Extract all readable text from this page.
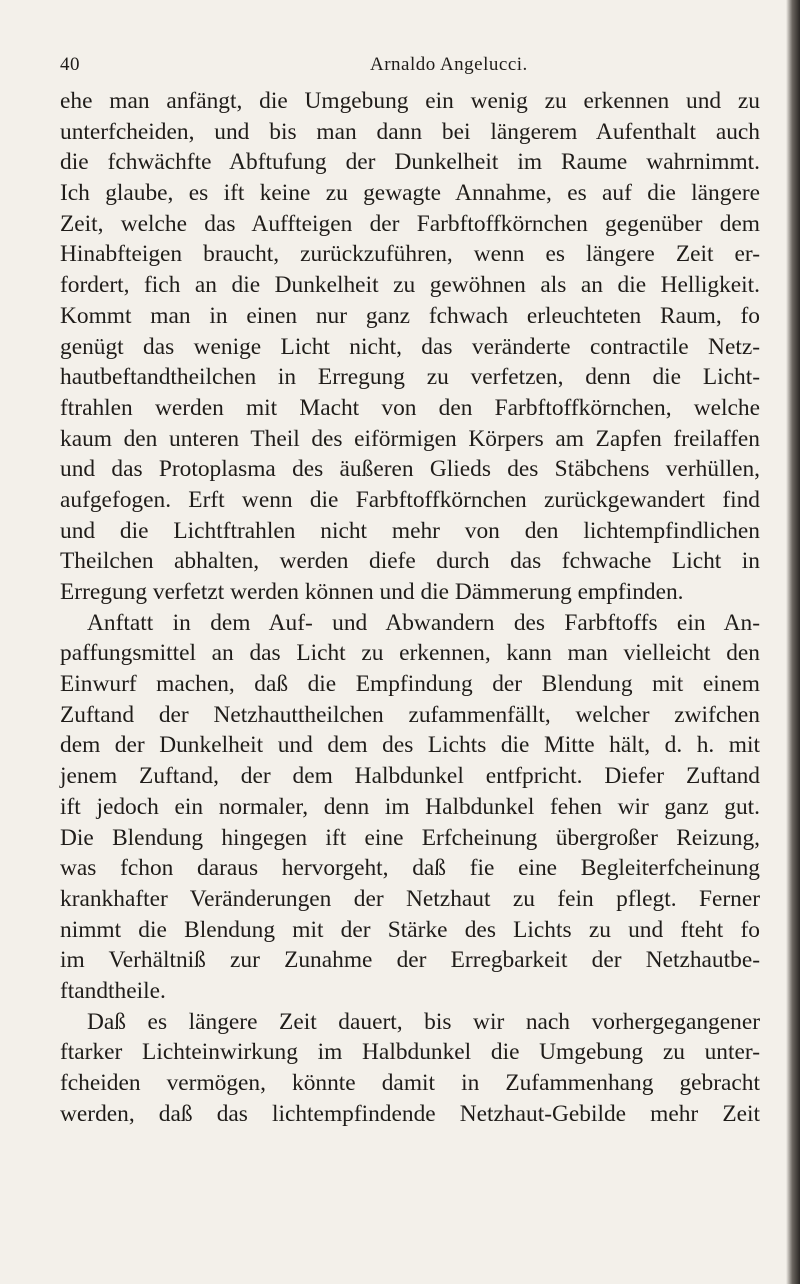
40	Arnaldo Angelucci.
ehe man anfängt, die Umgebung ein wenig zu erkennen und zu
unterfcheiden, und bis man dann bei längerem Aufenthalt auch
die fchwächfte Abftufung der Dunkelheit im Raume wahrnimmt.
Ich glaube, es ift keine zu gewagte Annahme, es auf die längere
Zeit, welche das Auffteigen der Farbftoffkörnchen gegenüber dem
Hinabfteigen braucht, zurückzuführen, wenn es längere Zeit er-
fordert, fich an die Dunkelheit zu gewöhnen als an die Helligkeit.
Kommt man in einen nur ganz fchwach erleuchteten Raum, fo
genügt das wenige Licht nicht, das veränderte contractile Netz-
hautbeftandtheilchen in Erregung zu verfetzen, denn die Licht-
ftrahlen werden mit Macht von den Farbftoffkörnchen, welche
kaum den unteren Theil des eiförmigen Körpers am Zapfen freilaffen
und das Protoplasma des äußeren Glieds des Stäbchens verhüllen,
aufgefogen. Erft wenn die Farbftoffkörnchen zurückgewandert find
und die Lichtftrahlen nicht mehr von den lichtempfindlichen
Theilchen abhalten, werden diefe durch das fchwache Licht in
Erregung verfetzt werden können und die Dämmerung empfinden.
Anftatt in dem Auf- und Abwandern des Farbftoffs ein An-
paffungsmittel an das Licht zu erkennen, kann man vielleicht den
Einwurf machen, daß die Empfindung der Blendung mit einem
Zuftand der Netzhauttheilchen zufammenfällt, welcher zwifchen
dem der Dunkelheit und dem des Lichts die Mitte hält, d. h. mit
jenem Zuftand, der dem Halbdunkel entfpricht. Diefer Zuftand
ift jedoch ein normaler, denn im Halbdunkel fehen wir ganz gut.
Die Blendung hingegen ift eine Erfcheinung übergroßer Reizung,
was fchon daraus hervorgeht, daß fie eine Begleiterfcheinung
krankhafter Veränderungen der Netzhaut zu fein pflegt. Ferner
nimmt die Blendung mit der Stärke des Lichts zu und fteht fo
im Verhältniß zur Zunahme der Erregbarkeit der Netzhautbe-
ftandtheile.
Daß es längere Zeit dauert, bis wir nach vorhergegangener
ftarker Lichteinwirkung im Halbdunkel die Umgebung zu unter-
fcheiden vermögen, könnte damit in Zufammenhang gebracht
werden, daß das lichtempfindende Netzhaut-Gebilde mehr Zeit
